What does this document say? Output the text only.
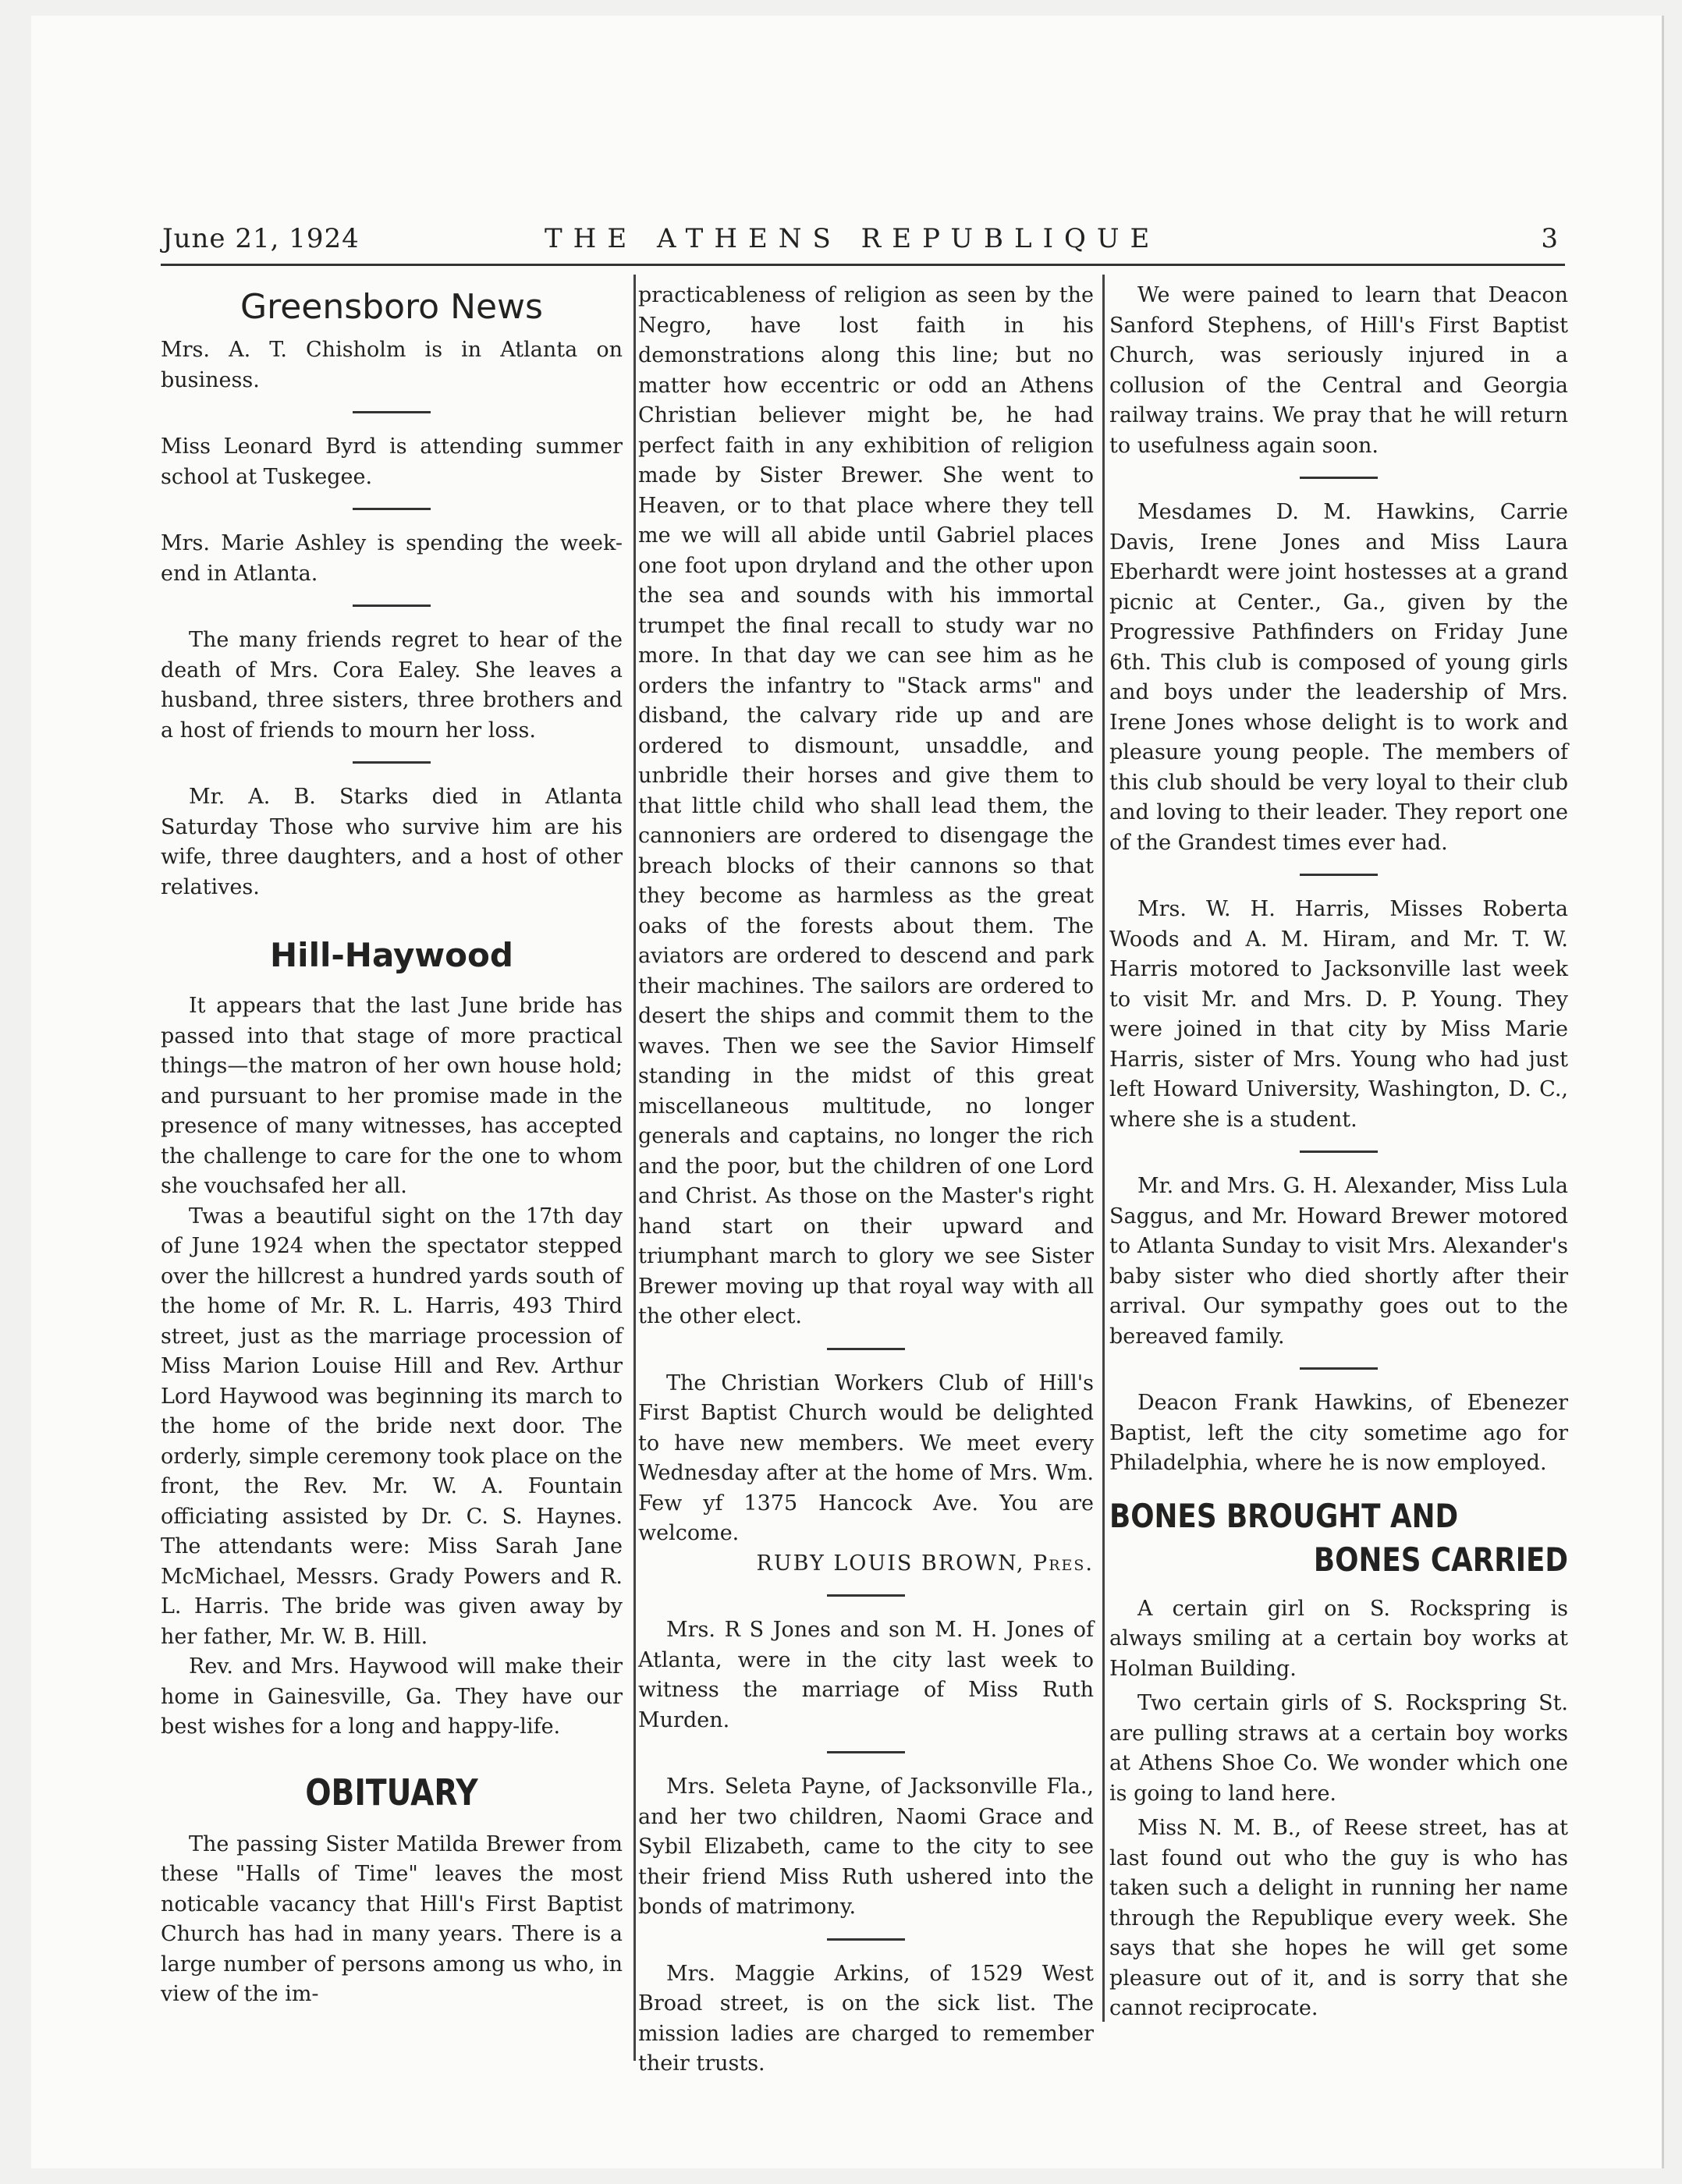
June 21, 1924	THE ATHENS REPUBLIQUE	3
Greensboro News

Mrs. A. T. Chisholm is in Atlanta on business.

Miss Leonard Byrd is attending summer school at Tuskegee.

Mrs. Marie Ashley is spending the week-end in Atlanta.

The many friends regret to hear of the death of Mrs. Cora Ealey. She leaves a husband, three sisters, three brothers and a host of friends to mourn her loss.

Mr. A. B. Starks died in Atlanta Saturday Those who survive him are his wife, three daughters, and a host of other relatives.

Hill-Haywood

It appears that the last June bride has passed into that stage of more practical things—the matron of her own house hold; and pursuant to her promise made in the presence of many witnesses, has accepted the challenge to care for the one to whom she vouchsafed her all.

Twas a beautiful sight on the 17th day of June 1924 when the spectator stepped over the hillcrest a hundred yards south of the home of Mr. R. L. Harris, 493 Third street, just as the marriage procession of Miss Marion Louise Hill and Rev. Arthur Lord Haywood was beginning its march to the home of the bride next door. The orderly, simple ceremony took place on the front, the Rev. Mr. W. A. Fountain officiating assisted by Dr. C. S. Haynes. The attendants were: Miss Sarah Jane McMichael, Messrs. Grady Powers and R. L. Harris. The bride was given away by her father, Mr. W. B. Hill.

Rev. and Mrs. Haywood will make their home in Gainesville, Ga. They have our best wishes for a long and happy-life.

OBITUARY

The passing Sister Matilda Brewer from these "Halls of Time" leaves the most noticable vacancy that Hill's First Baptist Church has had in many years. There is a large number of persons among us who, in view of the im-

practicableness of religion as seen by the Negro, have lost faith in his demonstrations along this line; but no matter how eccentric or odd an Athens Christian believer might be, he had perfect faith in any exhibition of religion made by Sister Brewer. She went to Heaven, or to that place where they tell me we will all abide until Gabriel places one foot upon dryland and the other upon the sea and sounds with his immortal trumpet the final recall to study war no more. In that day we can see him as he orders the infantry to "Stack arms" and disband, the calvary ride up and are ordered to dismount, unsaddle, and unbridle their horses and give them to that little child who shall lead them, the cannoniers are ordered to disengage the breach blocks of their cannons so that they become as harmless as the great oaks of the forests about them. The aviators are ordered to descend and park their machines. The sailors are ordered to desert the ships and commit them to the waves. Then we see the Savior Himself standing in the midst of this great miscellaneous multitude, no longer generals and captains, no longer the rich and the poor, but the children of one Lord and Christ. As those on the Master's right hand start on their upward and triumphant march to glory we see Sister Brewer moving up that royal way with all the other elect.

The Christian Workers Club of Hill's First Baptist Church would be delighted to have new members. We meet every Wednesday after at the home of Mrs. Wm. Few yf 1375 Hancock Ave. You are welcome.

RUBY LOUIS BROWN, Pres.

Mrs. R S Jones and son M. H. Jones of Atlanta, were in the city last week to witness the marriage of Miss Ruth Murden.

Mrs. Seleta Payne, of Jacksonville Fla., and her two children, Naomi Grace and Sybil Elizabeth, came to the city to see their friend Miss Ruth ushered into the bonds of matrimony.

Mrs. Maggie Arkins, of 1529 West Broad street, is on the sick list. The mission ladies are charged to remember their trusts.

We were pained to learn that Deacon Sanford Stephens, of Hill's First Baptist Church, was seriously injured in a collusion of the Central and Georgia railway trains. We pray that he will return to usefulness again soon.

Mesdames D. M. Hawkins, Carrie Davis, Irene Jones and Miss Laura Eberhardt were joint hostesses at a grand picnic at Center., Ga., given by the Progressive Pathfinders on Friday June 6th. This club is composed of young girls and boys under the leadership of Mrs. Irene Jones whose delight is to work and pleasure young people. The members of this club should be very loyal to their club and loving to their leader. They report one of the Grandest times ever had.

Mrs. W. H. Harris, Misses Roberta Woods and A. M. Hiram, and Mr. T. W. Harris motored to Jacksonville last week to visit Mr. and Mrs. D. P. Young. They were joined in that city by Miss Marie Harris, sister of Mrs. Young who had just left Howard University, Washington, D. C., where she is a student.

Mr. and Mrs. G. H. Alexander, Miss Lula Saggus, and Mr. Howard Brewer motored to Atlanta Sunday to visit Mrs. Alexander's baby sister who died shortly after their arrival. Our sympathy goes out to the bereaved family.

Deacon Frank Hawkins, of Ebenezer Baptist, left the city sometime ago for Philadelphia, where he is now employed.

BONES BROUGHT AND
BONES CARRIED

A certain girl on S. Rockspring is always smiling at a certain boy works at Holman Building.

Two certain girls of S. Rockspring St. are pulling straws at a certain boy works at Athens Shoe Co. We wonder which one is going to land here.

Miss N. M. B., of Reese street, has at last found out who the guy is who has taken such a delight in running her name through the Republique every week. She says that she hopes he will get some pleasure out of it, and is sorry that she cannot reciprocate.
